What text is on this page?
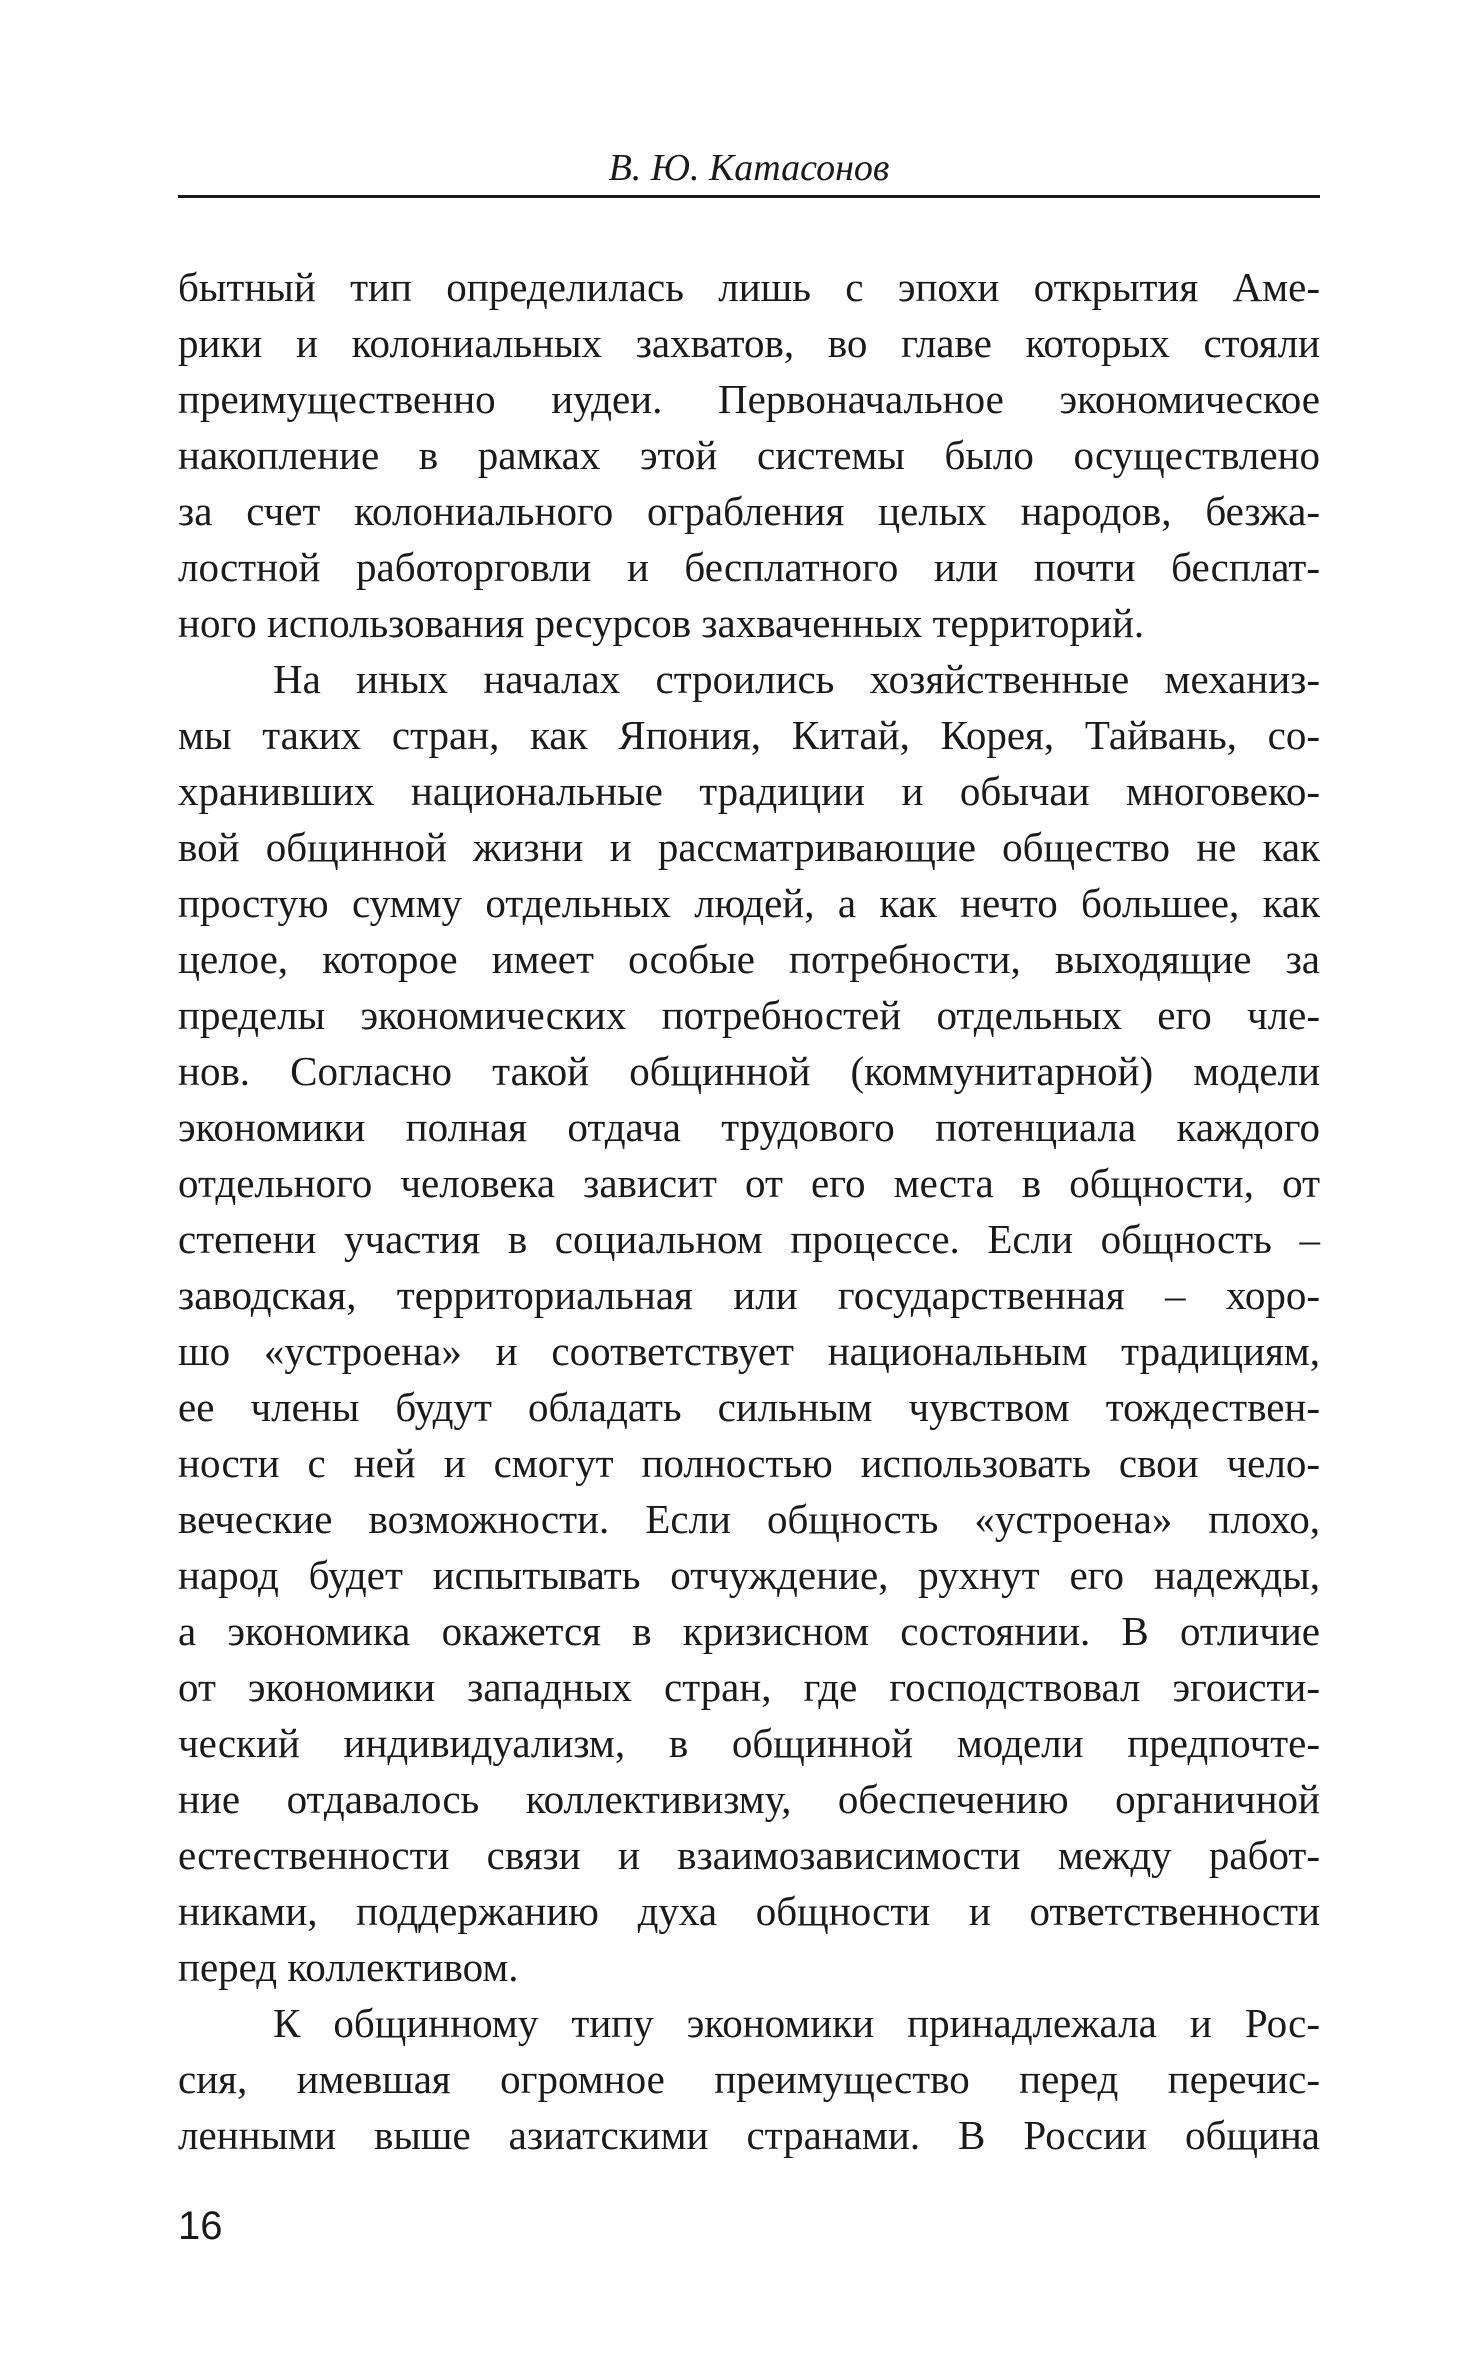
В. Ю. Катасонов
бытный тип определилась лишь с эпохи открытия Аме-
рики и колониальных захватов, во главе которых стояли
преимущественно иудеи. Первоначальное экономическое
накопление в рамках этой системы было осуществлено
за счет колониального ограбления целых народов, безжа-
лостной работорговли и бесплатного или почти бесплат-
ного использования ресурсов захваченных территорий.
На иных началах строились хозяйственные механиз-
мы таких стран, как Япония, Китай, Корея, Тайвань, со-
хранивших национальные традиции и обычаи многовеко-
вой общинной жизни и рассматривающие общество не как
простую сумму отдельных людей, а как нечто большее, как
целое, которое имеет особые потребности, выходящие за
пределы экономических потребностей отдельных его чле-
нов. Согласно такой общинной (коммунитарной) модели
экономики полная отдача трудового потенциала каждого
отдельного человека зависит от его места в общности, от
степени участия в социальном процессе. Если общность –
заводская, территориальная или государственная – хоро-
шо «устроена» и соответствует национальным традициям,
ее члены будут обладать сильным чувством тождествен-
ности с ней и смогут полностью использовать свои чело-
веческие возможности. Если общность «устроена» плохо,
народ будет испытывать отчуждение, рухнут его надежды,
а экономика окажется в кризисном состоянии. В отличие
от экономики западных стран, где господствовал эгоисти-
ческий индивидуализм, в общинной модели предпочте-
ние отдавалось коллективизму, обеспечению органичной
естественности связи и взаимозависимости между работ-
никами, поддержанию духа общности и ответственности
перед коллективом.
К общинному типу экономики принадлежала и Рос-
сия, имевшая огромное преимущество перед перечис-
ленными выше азиатскими странами. В России община
16
